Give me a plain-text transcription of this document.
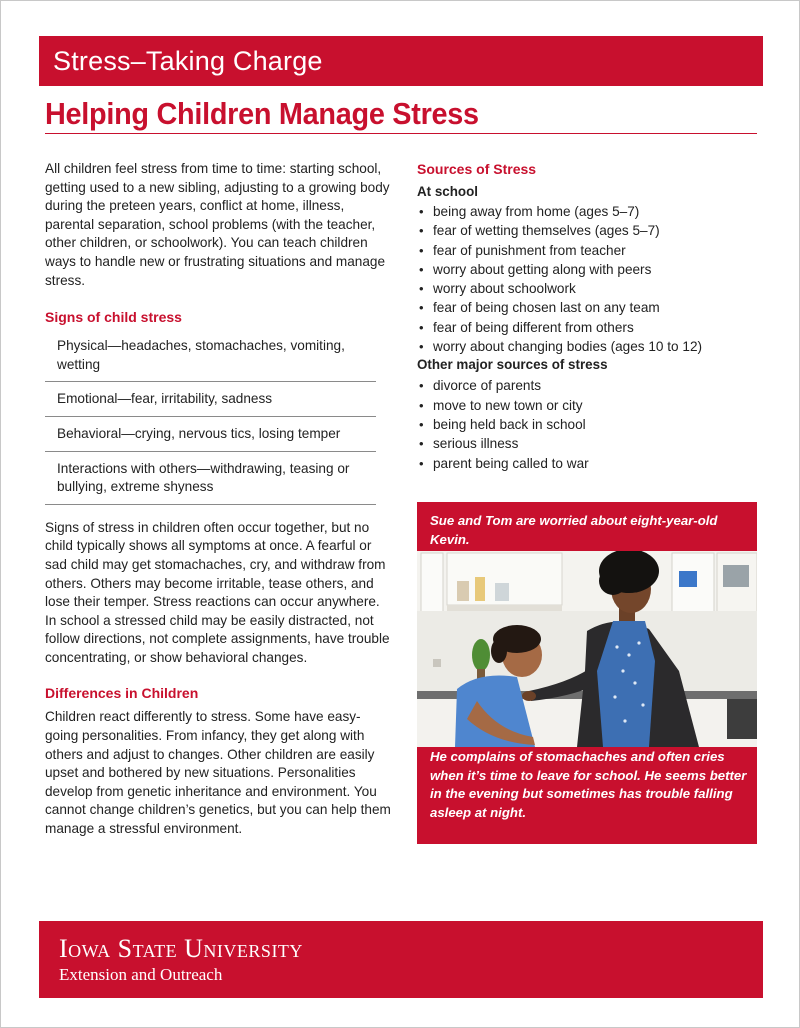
Stress–Taking Charge
Helping Children Manage Stress

All children feel stress from time to time: starting school, getting used to a new sibling, adjusting to a growing body during the preteen years, conflict at home, illness, parental separation, school problems (with the teacher, other children, or schoolwork). You can teach children ways to handle new or frustrating situations and manage stress.

Signs of child stress
Physical—headaches, stomachaches, vomiting, wetting
Emotional—fear, irritability, sadness
Behavioral—crying, nervous tics, losing temper
Interactions with others—withdrawing, teasing or bullying, extreme shyness

Signs of stress in children often occur together, but no child typically shows all symptoms at once. A fearful or sad child may get stomachaches, cry, and withdraw from others. Others may become irritable, tease others, and lose their temper. Stress reactions can occur anywhere. In school a stressed child may be easily distracted, not follow directions, not complete assignments, have trouble concentrating, or show behavioral changes.

Differences in Children

Children react differently to stress. Some have easy-going personalities. From infancy, they get along with others and adjust to changes. Other children are easily upset and bothered by new situations. Personalities develop from genetic inheritance and environment. You cannot change children’s genetics, but you can help them manage a stressful environment.

Sources of Stress
At school
• being away from home (ages 5–7)
• fear of wetting themselves (ages 5–7)
• fear of punishment from teacher
• worry about getting along with peers
• worry about schoolwork
• fear of being chosen last on any team
• fear of being different from others
• worry about changing bodies (ages 10 to 12)
Other major sources of stress
• divorce of parents
• move to new town or city
• being held back in school
• serious illness
• parent being called to war
Sue and Tom are worried about eight-year-old Kevin.
He complains of stomachaches and often cries when it’s time to leave for school. He seems better in the evening but sometimes has trouble falling asleep at night.

Iowa State University

Extension and Outreach
